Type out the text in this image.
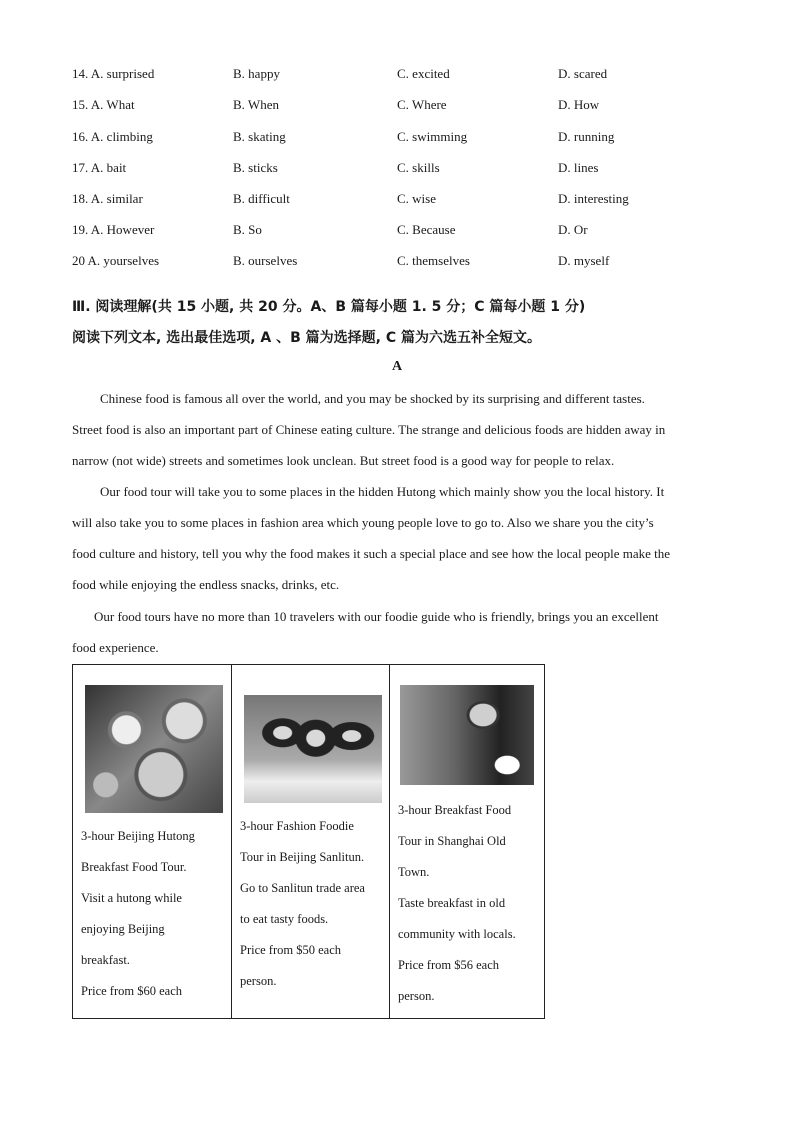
14. A. surprised	B. happy	C. excited	D. scared
15. A. What	B. When	C. Where	D. How
16. A. climbing	B. skating	C. swimming	D. running
17. A. bait	B. sticks	C. skills	D. lines
18. A. similar	B. difficult	C. wise	D. interesting
19. A. However	B. So	C. Because	D. Or
20 A. yourselves	B. ourselves	C. themselves	D. myself
Ⅲ. 阅读理解(共 15 小题, 共 20 分。A、B 篇每小题 1. 5 分；C 篇每小题 1 分)
阅读下列文本, 选出最佳选项, A 、B 篇为选择题, C 篇为六选五补全短文。
A
Chinese food is famous all over the world, and you may be shocked by its surprising and different tastes.
Street food is also an important part of Chinese eating culture. The strange and delicious foods are hidden away in
narrow (not wide) streets and sometimes look unclean. But street food is a good way for people to relax.
Our food tour will take you to some places in the hidden Hutong which mainly show you the local history. It
will also take you to some places in fashion area which young people love to go to. Also we share you the city’s
food culture and history, tell you why the food makes it such a special place and see how the local people make the
food while enjoying the endless snacks, drinks, etc.
Our food tours have no more than 10 travelers with our foodie guide who is friendly, brings you an excellent
food experience.
3-hour Beijing Hutong
Breakfast Food Tour.
Visit a hutong while
enjoying Beijing
breakfast.
Price from $60 each

3-hour Fashion Foodie
Tour in Beijing Sanlitun.
Go to Sanlitun trade area
to eat tasty foods.
Price from $50 each
person.

3-hour Breakfast Food
Tour in Shanghai Old
Town.
Taste breakfast in old
community with locals.
Price from $56 each
person.
